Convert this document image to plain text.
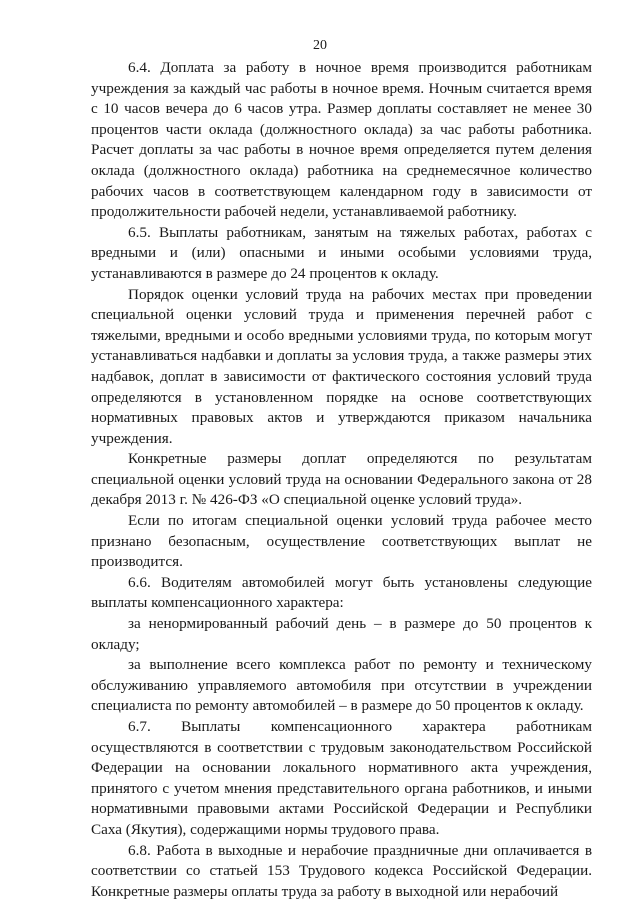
20

6.4. Доплата за работу в ночное время производится работникам учреждения за каждый час работы в ночное время. Ночным считается время с 10 часов вечера до 6 часов утра. Размер доплаты составляет не менее 30 процентов части оклада (должностного оклада) за час работы работника. Расчет доплаты за час работы в ночное время определяется путем деления оклада (должностного оклада) работника на среднемесячное количество рабочих часов в соответствующем календарном году в зависимости от продолжительности рабочей недели, устанавливаемой работнику.

6.5. Выплаты работникам, занятым на тяжелых работах, работах с вредными и (или) опасными и иными особыми условиями труда, устанавливаются в размере до 24 процентов к окладу.

Порядок оценки условий труда на рабочих местах при проведении специальной оценки условий труда и применения перечней работ с тяжелыми, вредными и особо вредными условиями труда, по которым могут устанавливаться надбавки и доплаты за условия труда, а также размеры этих надбавок, доплат в зависимости от фактического состояния условий труда определяются в установленном порядке на основе соответствующих нормативных правовых актов и утверждаются приказом начальника учреждения.

Конкретные размеры доплат определяются по результатам специальной оценки условий труда на основании Федерального закона от 28 декабря 2013 г. № 426-ФЗ «О специальной оценке условий труда».

Если по итогам специальной оценки условий труда рабочее место признано безопасным, осуществление соответствующих выплат не производится.

6.6. Водителям автомобилей могут быть установлены следующие выплаты компенсационного характера:

за ненормированный рабочий день – в размере до 50 процентов к окладу;

за выполнение всего комплекса работ по ремонту и техническому обслуживанию управляемого автомобиля при отсутствии в учреждении специалиста по ремонту автомобилей – в размере до 50 процентов к окладу.

6.7. Выплаты компенсационного характера работникам осуществляются в соответствии с трудовым законодательством Российской Федерации на основании локального нормативного акта учреждения, принятого с учетом мнения представительного органа работников, и иными нормативными правовыми актами Российской Федерации и Республики Саха (Якутия), содержащими нормы трудового права.

6.8. Работа в выходные и нерабочие праздничные дни оплачивается в соответствии со статьей 153 Трудового кодекса Российской Федерации. Конкретные размеры оплаты труда за работу в выходной или нерабочий
